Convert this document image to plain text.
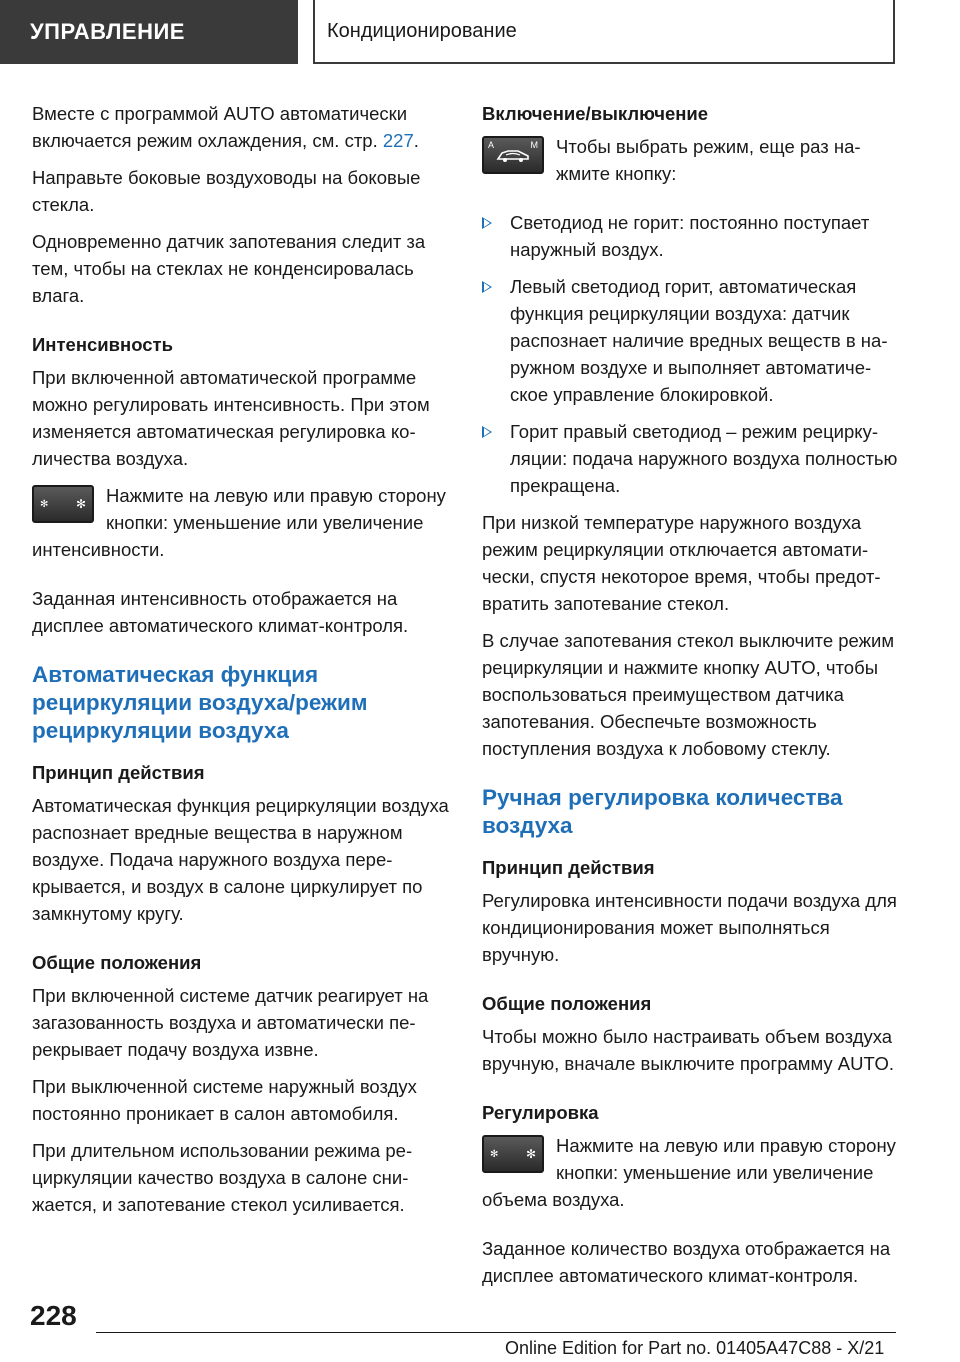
УПРАВЛЕНИЕ	Кондиционирование

Вместе с программой AUTO автоматически включается режим охлаждения, см. стр. 227.

Направьте боковые воздуховоды на боковые стекла.

Одновременно датчик запотевания следит за тем, чтобы на стеклах не конденсировалась влага.

Интенсивность

При включенной автоматической программе можно регулировать интенсивность. При этом изменяется автоматическая регулировка количества воздуха.

✻ ✻	Нажмите на левую или правую сторону кнопки: уменьшение или увеличение интенсивности.

Заданная интенсивность отображается на дисплее автоматического климат-контроля.

Автоматическая функция рециркуляции воздуха/режим рециркуляции воздуха
Принцип действия

Автоматическая функция рециркуляции воздуха распознает вредные вещества в наружном воздухе. Подача наружного воздуха перекрывается, и воздух в салоне циркулирует по замкнутому кругу.

Общие положения

При включенной системе датчик реагирует на загазованность воздуха и автоматически перекрывает подачу воздуха извне.

При выключенной системе наружный воздух постоянно проникает в салон автомобиля.

При длительном использовании режима рециркуляции качество воздуха в салоне снижается, и запотевание стекол усиливается.

Включение/выключение
A	M Чтобы выбрать режим, еще раз нажмите кнопку:

Светодиод не горит: постоянно поступает наружный воздух.
Левый светодиод горит, автоматическая функция рециркуляции воздуха: датчик распознает наличие вредных веществ в наружном воздухе и выполняет автоматическое управление блокировкой.
Горит правый светодиод – режим рециркуляции: подача наружного воздуха полностью прекращена.

При низкой температуре наружного воздуха режим рециркуляции отключается автоматически, спустя некоторое время, чтобы предотвратить запотевание стекол.

В случае запотевания стекол выключите режим рециркуляции и нажмите кнопку AUTO, чтобы воспользоваться преимуществом датчика запотевания. Обеспечьте возможность поступления воздуха к лобовому стеклу.

Ручная регулировка количества воздуха
Принцип действия

Регулировка интенсивности подачи воздуха для кондиционирования может выполняться вручную.

Общие положения

Чтобы можно было настраивать объем воздуха вручную, вначале выключите программу AUTO.

Регулировка
✻ ✻	Нажмите на левую или правую сторону кнопки: уменьшение или увеличение объема воздуха.

Заданное количество воздуха отображается на дисплее автоматического климат-контроля.

228
Online Edition for Part no. 01405A47C88 - X/21
